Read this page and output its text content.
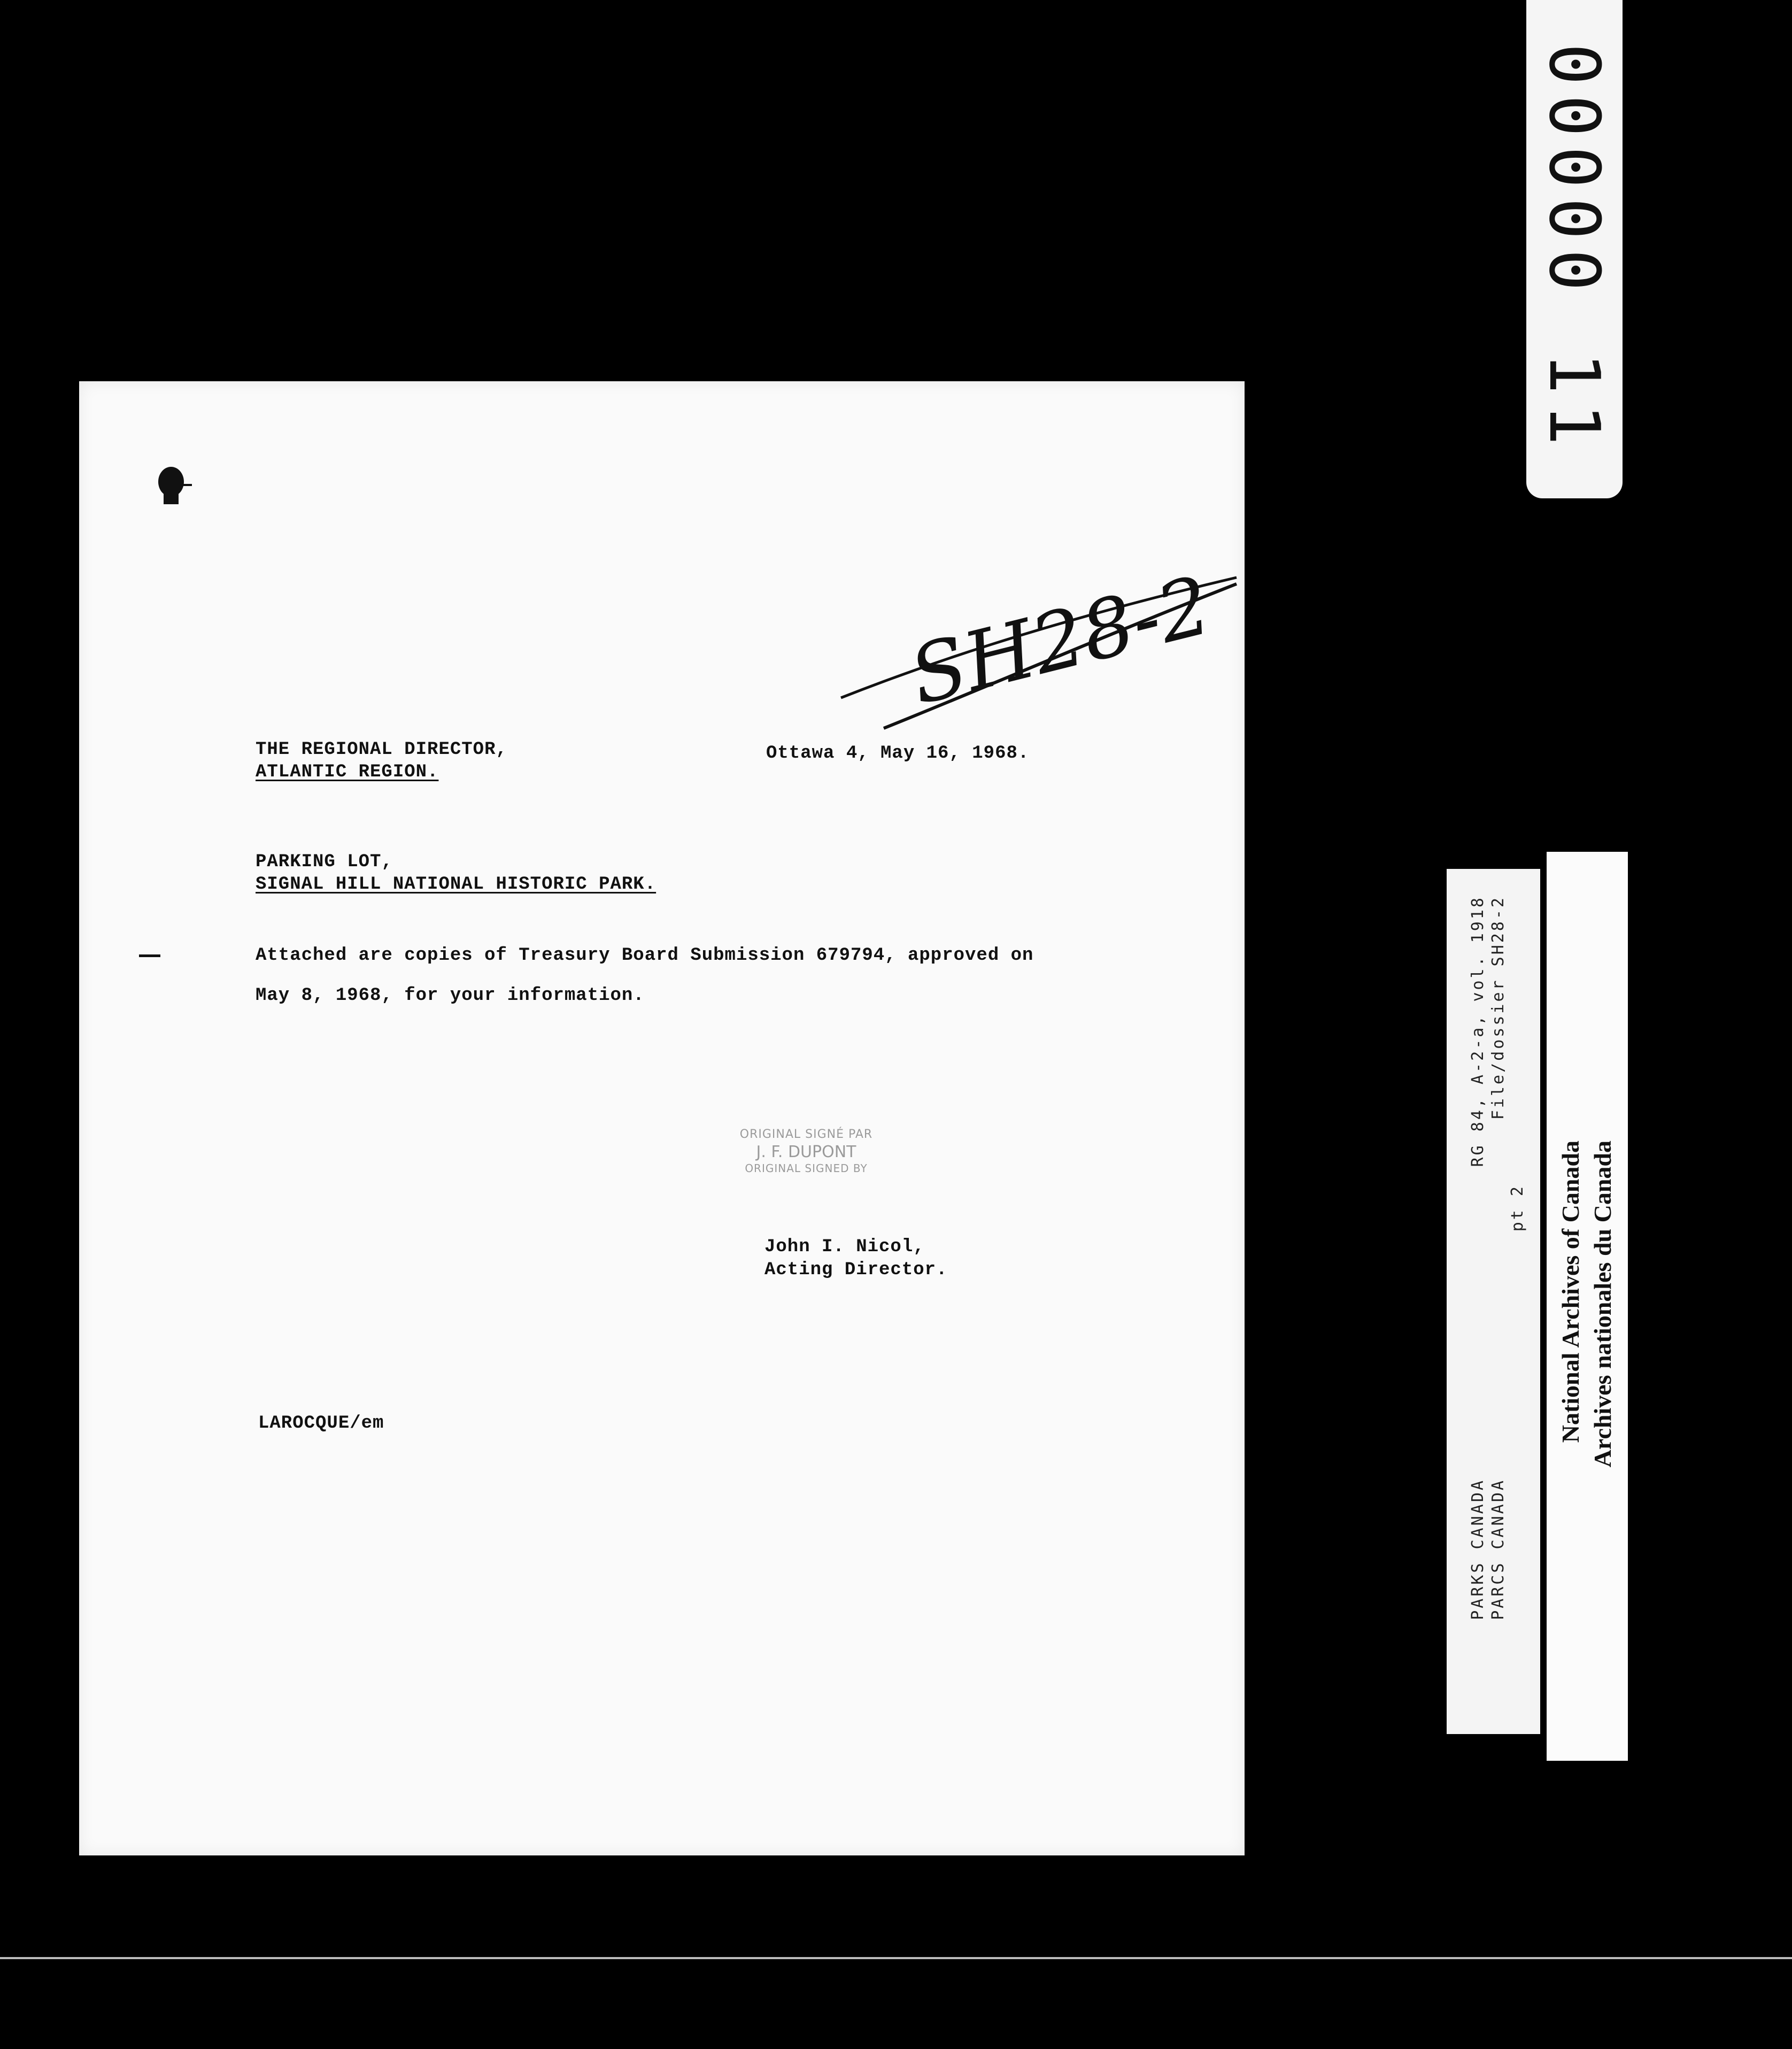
00000 11
SH28-2
THE REGIONAL DIRECTOR,
ATLANTIC REGION.
Ottawa 4, May 16, 1968.
PARKING LOT,
SIGNAL HILL NATIONAL HISTORIC PARK.
Attached are copies of Treasury Board Submission 679794, approved on
May 8, 1968, for your information.
ORIGINAL SIGNÉ PAR
J. F. DUPONT
ORIGINAL SIGNED BY
John I. Nicol,
Acting Director.
LAROCQUE/em
PARKS CANADA PARCS CANADA
RG 84, A-2-a, vol. 1918 File/dossier SH28-2
pt 2 National Archives of Canada Archives nationales du Canada
